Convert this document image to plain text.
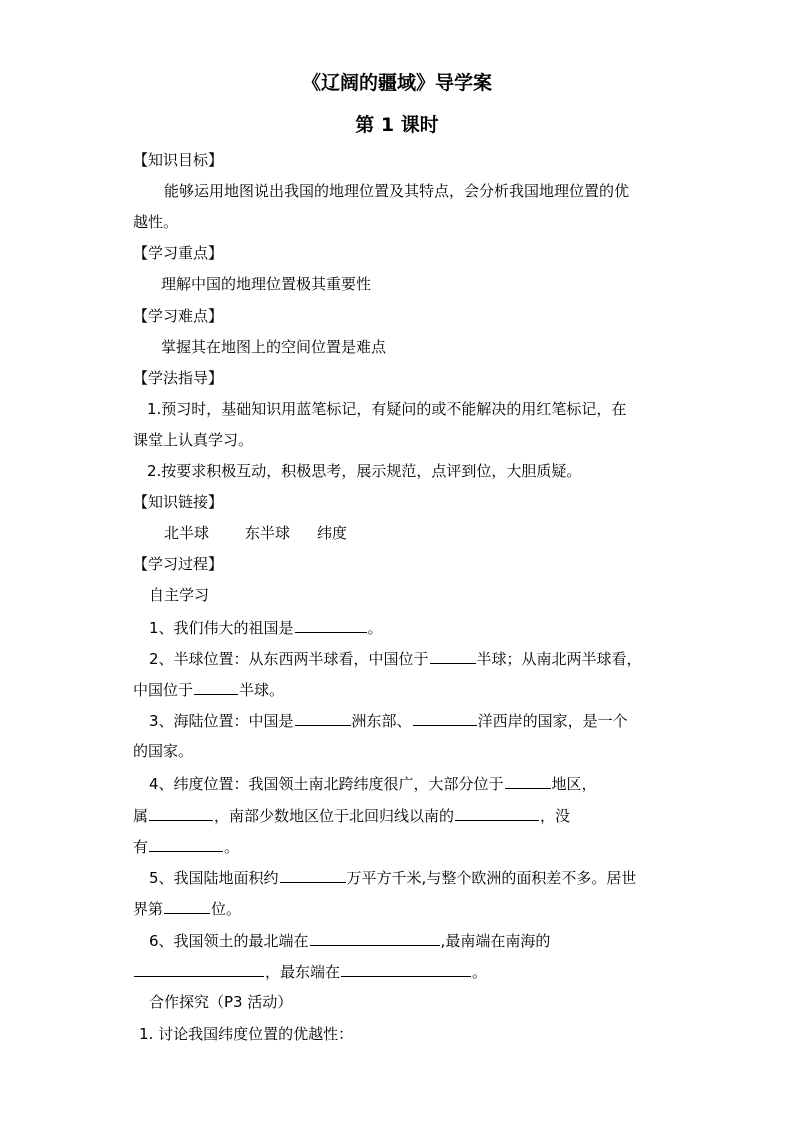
《辽阔的疆域》导学案
第 1 课时
【知识目标】
能够运用地图说出我国的地理位置及其特点，会分析我国地理位置的优
越性。
【学习重点】
理解中国的地理位置极其重要性
【学习难点】
掌握其在地图上的空间位置是难点
【学法指导】
1.预习时，基础知识用蓝笔标记，有疑问的或不能解决的用红笔标记，在
课堂上认真学习。
2.按要求积极互动，积极思考，展示规范，点评到位，大胆质疑。
【知识链接】
北半球 东半球 纬度
【学习过程】
自主学习
1、我们伟大的祖国是	。
2、半球位置：从东西两半球看，中国位于	半球；从南北两半球看，
中国位于	半球。
3、海陆位置：中国是	洲东部、	洋西岸的国家，是一个
的国家。
4、纬度位置：我国领土南北跨纬度很广，大部分位于	地区，
属	，南部少数地区位于北回归线以南的	，没
有	。
5、我国陆地面积约	万平方千米,与整个欧洲的面积差不多。居世
界第	位。
6、我国领土的最北端在	,最南端在南海的
，最东端在	。
合作探究（P3 活动）
1. 讨论我国纬度位置的优越性：
